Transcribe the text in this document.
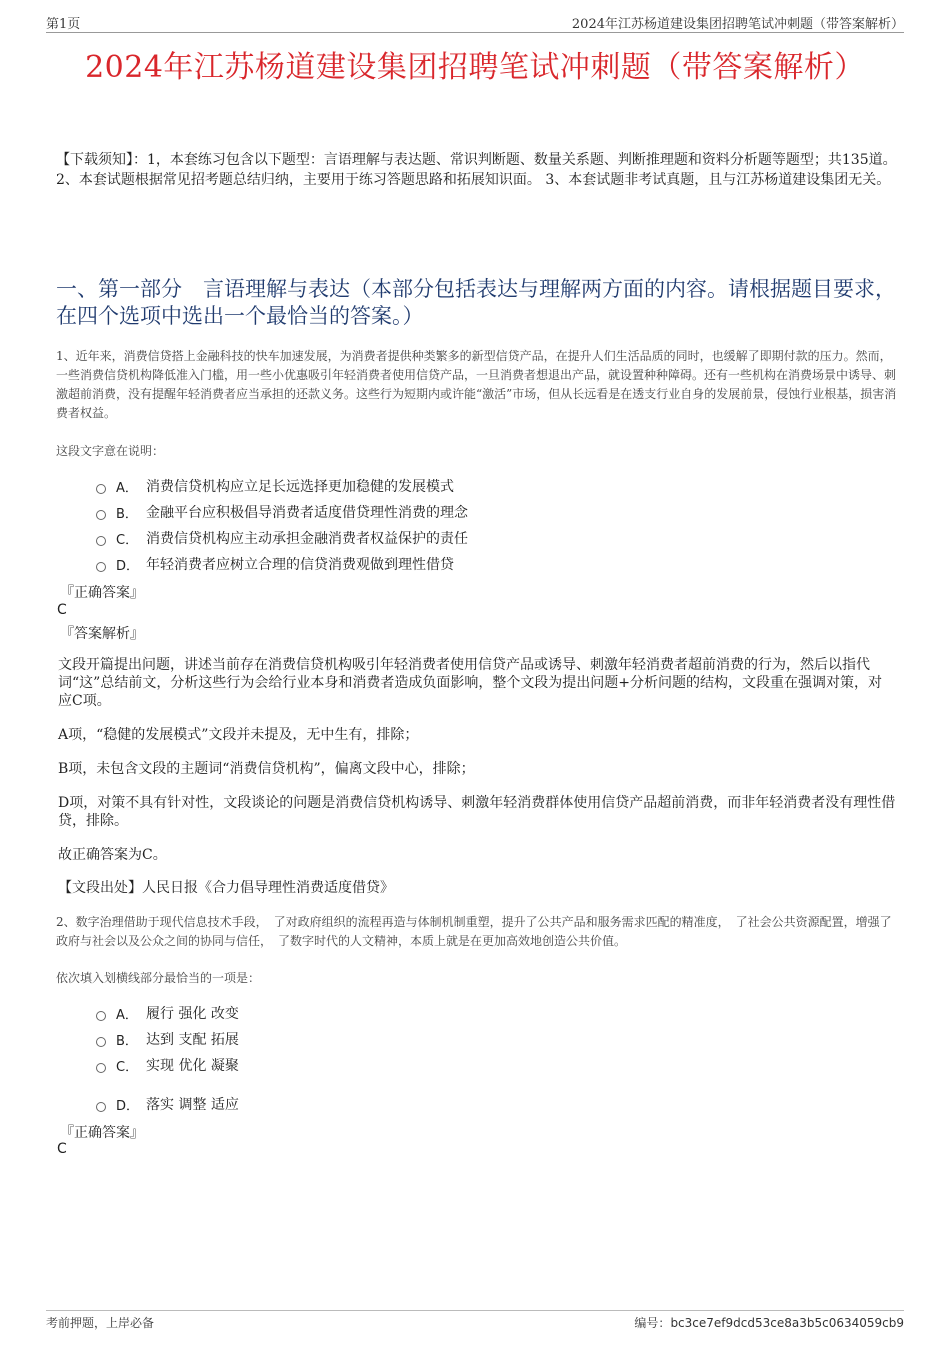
第1页	2024年江苏杨道建设集团招聘笔试冲刺题（带答案解析）
2024年江苏杨道建设集团招聘笔试冲刺题（带答案解析）
【下载须知】：1，本套练习包含以下题型：言语理解与表达题、常识判断题、数量关系题、判断推理题和资料分析题等题型；共135道。 2、本套试题根据常见招考题总结归纳，主要用于练习答题思路和拓展知识面。 3、本套试题非考试真题，且与江苏杨道建设集团无关。
一、第一部分　言语理解与表达（本部分包括表达与理解两方面的内容。请根据题目要求，在四个选项中选出一个最恰当的答案。）
1、近年来，消费信贷搭上金融科技的快车加速发展，为消费者提供种类繁多的新型信贷产品，在提升人们生活品质的同时，也缓解了即期付款的压力。然而，一些消费信贷机构降低准入门槛，用一些小优惠吸引年轻消费者使用信贷产品，一旦消费者想退出产品，就设置种种障碍。还有一些机构在消费场景中诱导、刺激超前消费，没有提醒年轻消费者应当承担的还款义务。这些行为短期内或许能“激活”市场，但从长远看是在透支行业自身的发展前景，侵蚀行业根基，损害消费者权益。
这段文字意在说明：
A． 消费信贷机构应立足长远选择更加稳健的发展模式
B． 金融平台应积极倡导消费者适度借贷理性消费的理念
C． 消费信贷机构应主动承担金融消费者权益保护的责任
D． 年轻消费者应树立合理的信贷消费观做到理性借贷
『正确答案』
C
『答案解析』
文段开篇提出问题，讲述当前存在消费信贷机构吸引年轻消费者使用信贷产品或诱导、刺激年轻消费者超前消费的行为，然后以指代词“这”总结前文，分析这些行为会给行业本身和消费者造成负面影响，整个文段为提出问题+分析问题的结构，文段重在强调对策，对应C项。
A项，“稳健的发展模式”文段并未提及，无中生有，排除；
B项，未包含文段的主题词“消费信贷机构”，偏离文段中心，排除；
D项，对策不具有针对性，文段谈论的问题是消费信贷机构诱导、刺激年轻消费群体使用信贷产品超前消费，而非年轻消费者没有理性借贷，排除。
故正确答案为C。
【文段出处】人民日报《合力倡导理性消费适度借贷》
2、数字治理借助于现代信息技术手段，　了对政府组织的流程再造与体制机制重塑，提升了公共产品和服务需求匹配的精准度，　了社会公共资源配置，增强了政府与社会以及公众之间的协同与信任，　了数字时代的人文精神，本质上就是在更加高效地创造公共价值。
依次填入划横线部分最恰当的一项是：
A． 履行 强化 改变
B． 达到 支配 拓展
C． 实现 优化 凝聚
D． 落实 调整 适应
『正确答案』
C
考前押题，上岸必备	编号：bc3ce7ef9dcd53ce8a3b5c0634059cb9
